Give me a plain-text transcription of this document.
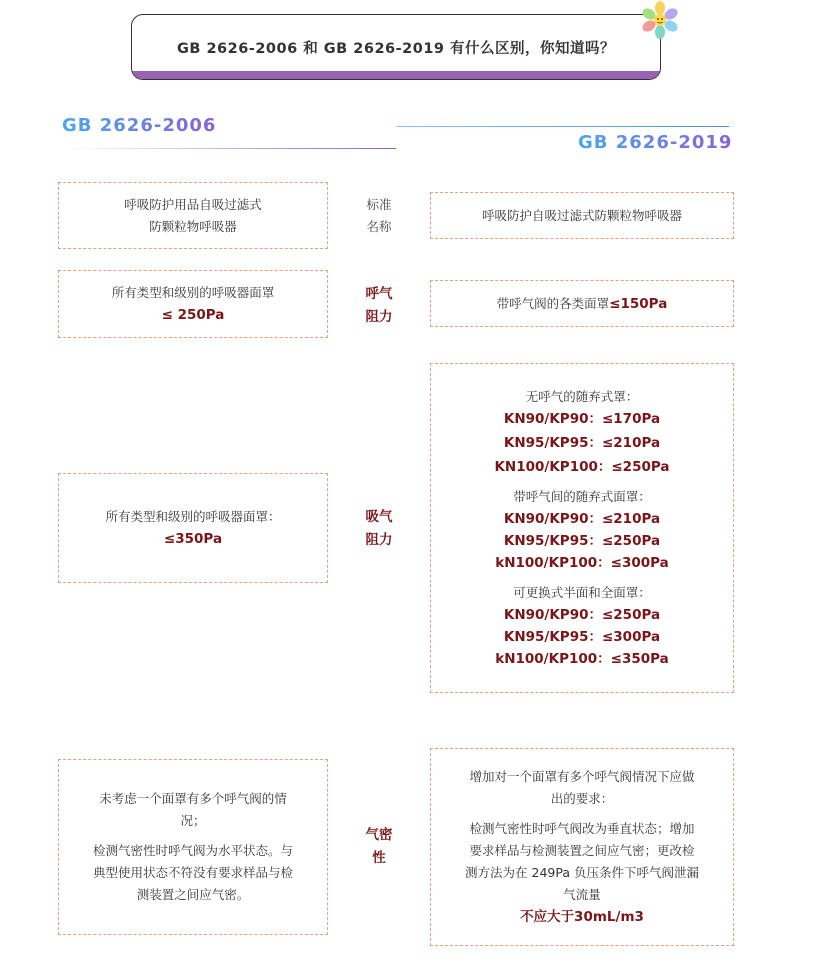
GB 2626-2006 和 GB 2626-2019 有什么区别，你知道吗？
GB 2626-2006
GB 2626-2019
呼吸防护用品自吸过滤式
防颗粒物呼吸器
标准
名称
呼吸防护自吸过滤式防颗粒物呼吸器
所有类型和级别的呼吸器面罩
≤ 250Pa
呼气
阻力
带呼气阀的各类面罩 ≤150Pa
所有类型和级别的呼吸器面罩：
≤350Pa
吸气
阻力
无呼气的随弃式罩：
KN90/KP90：≤170Pa
KN95/KP95：≤210Pa
KN100/KP100：≤250Pa
带呼气间的随弃式面罩：
KN90/KP90：≤210Pa
KN95/KP95：≤250Pa
kN100/KP100：≤300Pa
可更换式半面和全面罩：
KN90/KP90：≤250Pa
KN95/KP95：≤300Pa
kN100/KP100：≤350Pa
未考虑一个面罩有多个呼气阀的情
况；
检测气密性时呼气阀为水平状态。与
典型使用状态不符没有要求样品与检
测装置之间应气密。
气密
性
增加对一个面罩有多个呼气阀情况下应做
出的要求：
检测气密性时呼气阀改为垂直状态；增加
要求样品与检测装置之间应气密；更改检
测方法为在 249Pa 负压条件下呼气阀泄漏
气流量
不应大于30mL/m3
